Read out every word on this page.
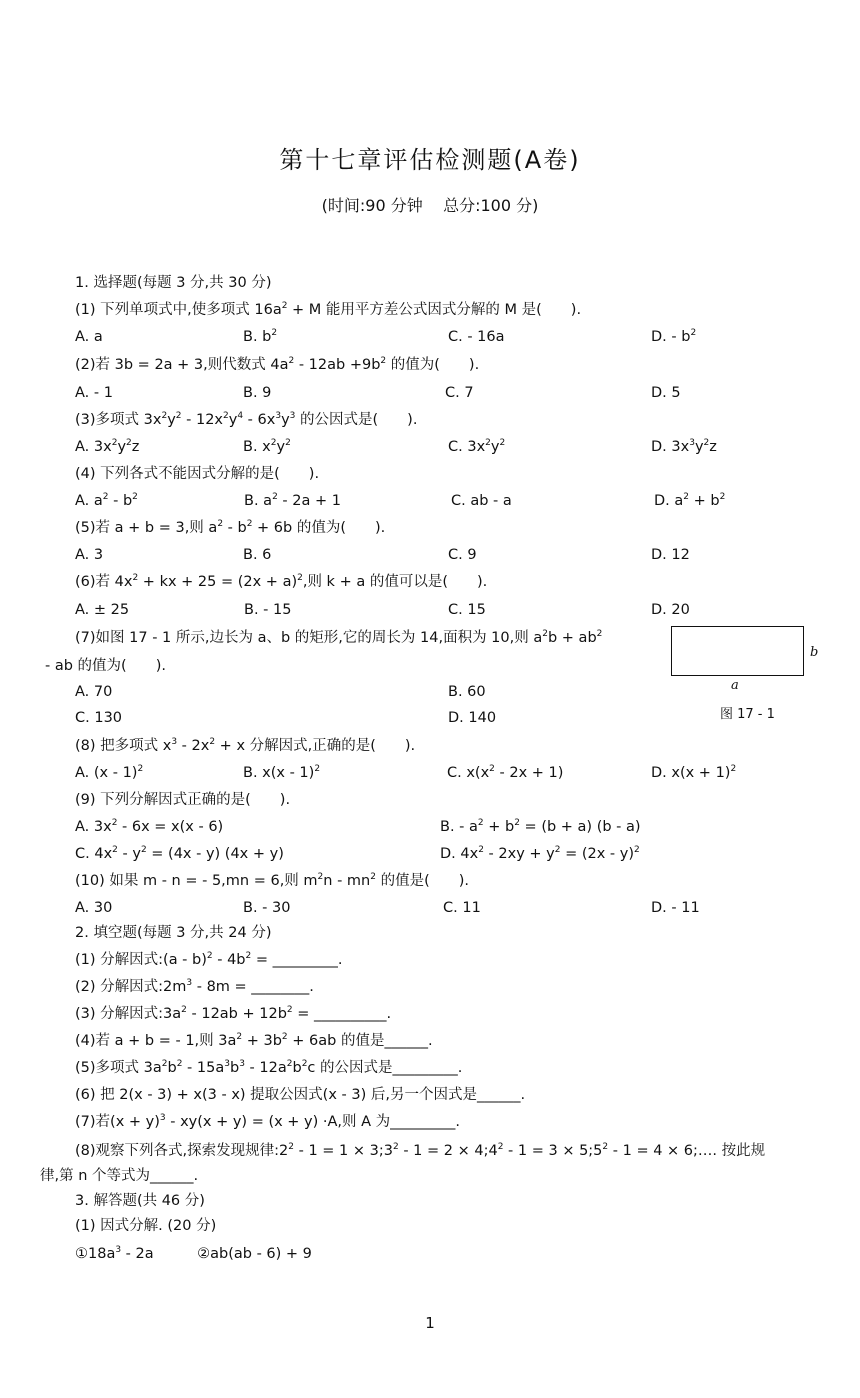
第十七章评估检测题(A卷)
(时间:90 分钟    总分:100 分)
1. 选择题(每题 3 分,共 30 分)
(1) 下列单项式中,使多项式 $16a^2 + M$ 能用平方差公式因式分解的 M 是(　　).
A. a	B. $b^2$	C. - 16a	D. - $b^2$
(2)若 3b = 2a + 3,则代数式 $4a^2 - 12ab +9b^2$ 的值为(　　).
A. - 1	B. 9	C. 7	D. 5
(3)多项式 $3x^2y^2 - 12x^2y^4 - 6x^3y^3$ 的公因式是(　　).
A. $3x^2y^2z$	B. $x^2y^2$	C. $3x^2y^2$	D. $3x^3y^2z$
(4) 下列各式不能因式分解的是(　　).
A. $a^2 - b^2$	B. $a^2 - 2a + 1$	C. ab - a	D. $a^2 + b^2$
(5)若 a + b = 3,则 $a^2 - b^2 + 6b$ 的值为(　　).
A. 3	B. 6	C. 9	D. 12
(6)若 $4x^2$ + kx + $25 = (2x + a)^2$,则 k + a 的值可以是(　　).
A. ± 25	B. - 15	C. 15	D. 20
(7)如图 17 - 1 所示,边长为 a、b 的矩形,它的周长为 14,面积为 10,则 $a^2b + ab^2$
- ab 的值为(　　).
A. 70	B. 60
C. 130	D. 140
b
a
图 17 - 1
(8) 把多项式 $x^3 - 2x^2 + x$ 分解因式,正确的是(　　).
A. (x - 1)$^2$	B. x(x - 1)$^2$	C. $x(x^2 - 2x + 1)$	D. $x(x + 1)^2$
(9) 下列分解因式正确的是(　　).
A. $3x^2 - 6x = x(x - 6)$	B. - $a^2 + b^2 = (b + a)$ (b - a)
C. $4x^2 - y^2 = (4x - y) (4x + y)$	D. $4x^2 - 2xy + y^2 = (2x - y)^2$
(10) 如果 m - n = - 5,mn = 6,则 $m^2n - mn^2$ 的值是(　　).
A. 30	B. - 30	C. 11	D. - 11
2. 填空题(每题 3 分,共 24 分)
(1) 分解因式:(a - $b)^2 - 4b^2$ = _________.
(2) 分解因式$:2m^3 - 8m$ = ________.
(3) 分解因式$:3a^2 - 12ab + 12b^2$ = __________.
(4)若 a + b = - 1,则 $3a^2 + 3b^2 + 6ab$ 的值是______.
(5)多项式 $3a^2b^2 - 15a^3b^3 - 12a^2b^2c$ 的公因式是_________.
(6) 把 2(x - 3) + x(3 - x) 提取公因式(x - 3) 后,另一个因式是______.
(7)若$(x + y)^3 - xy(x + y) = (x + y) \cdot A$,则 A 为_________.
(8)观察下列各式,探索发现规律$:2^2 - 1 = 1$ × $3;3^2 - 1 = 2$ × $4;4^2 - 1 = 3$ × $5;5^2 - 1 = 4$ × 6;…. 按此规
律,第 n 个等式为______.
3. 解答题(共 46 分)
(1) 因式分解. (20 分)
$①18a^3 - 2a$　　　②ab(ab - 6) + 9
1
